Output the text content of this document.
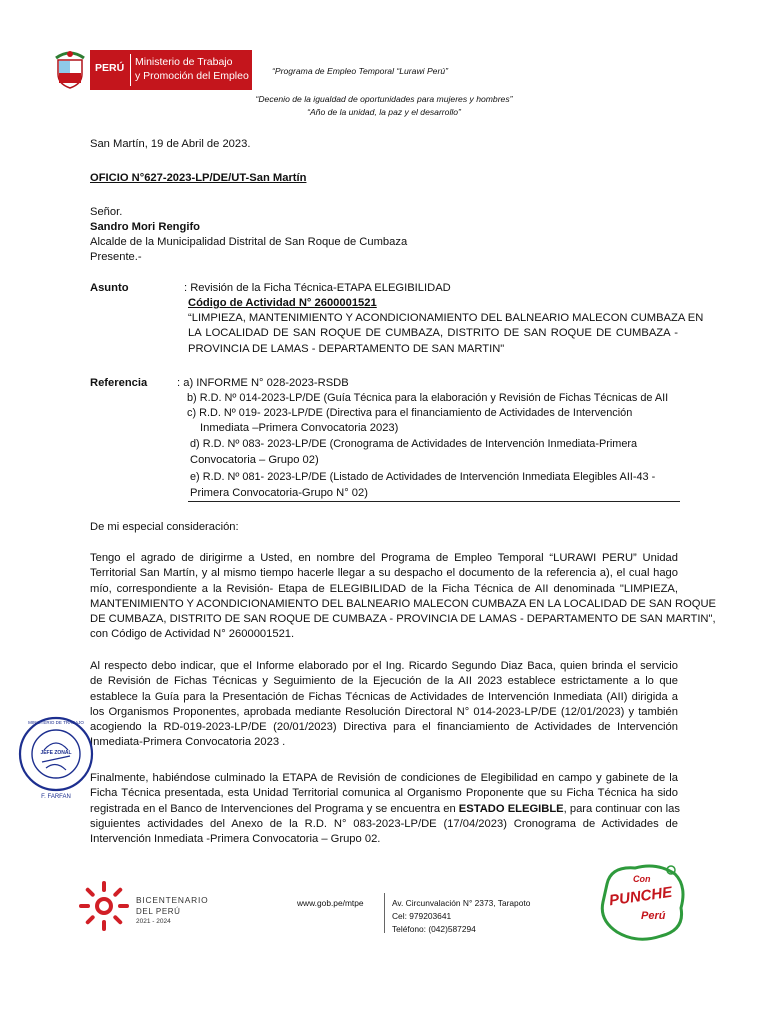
PERÚ Ministerio de Trabajo
y Promoción del Empleo	“Programa de Empleo Temporal “Lurawi Perú”
“Decenio de la igualdad de oportunidades para mujeres y hombres”
“Año de la unidad, la paz y el desarrollo”
San Martín, 19 de Abril de 2023.
OFICIO N°627-2023-LP/DE/UT-San Martín
Señor.
Sandro Mori Rengifo
Alcalde de la Municipalidad Distrital de San Roque de Cumbaza
Presente.-
Asunto	: Revisión de la Ficha Técnica-ETAPA ELEGIBILIDAD
Código de Actividad N° 2600001521
“LIMPIEZA, MANTENIMIENTO Y ACONDICIONAMIENTO DEL BALNEARIO MALECON CUMBAZA EN
LA LOCALIDAD DE SAN ROQUE DE CUMBAZA, DISTRITO DE SAN ROQUE DE CUMBAZA -
PROVINCIA DE LAMAS - DEPARTAMENTO DE SAN MARTIN"
Referencia	: a) INFORME N° 028-2023-RSDB
b) R.D. Nº 014-2023-LP/DE (Guía Técnica para la elaboración y Revisión de Fichas Técnicas de AII
c) R.D. Nº 019- 2023-LP/DE (Directiva para el financiamiento de Actividades de Intervención
Inmediata –Primera Convocatoria 2023)
d) R.D. Nº 083- 2023-LP/DE (Cronograma de Actividades de Intervención Inmediata-Primera
Convocatoria – Grupo 02)
e) R.D. Nº 081- 2023-LP/DE (Listado de Actividades de Intervención Inmediata Elegibles AII-43 -
Primera Convocatoria-Grupo N° 02)
De mi especial consideración:
Tengo el agrado de dirigirme a Usted, en nombre del Programa de Empleo Temporal “LURAWI PERU” Unidad
Territorial San Martín, y al mismo tiempo hacerle llegar a su despacho el documento de la referencia a), el cual hago
mío, correspondiente a la Revisión- Etapa de ELEGIBILIDAD de la Ficha Técnica de AII denominada "LIMPIEZA,
MANTENIMIENTO Y ACONDICIONAMIENTO DEL BALNEARIO MALECON CUMBAZA EN LA LOCALIDAD DE SAN ROQUE
DE CUMBAZA, DISTRITO DE SAN ROQUE DE CUMBAZA - PROVINCIA DE LAMAS - DEPARTAMENTO DE SAN MARTIN",
con Código de Actividad N° 2600001521.
Al respecto debo indicar, que el Informe elaborado por el Ing. Ricardo Segundo Diaz Baca, quien brinda el servicio
de Revisión de Fichas Técnicas y Seguimiento de la Ejecución de la AII 2023 establece estrictamente a lo que
establece la Guía para la Presentación de Fichas Técnicas de Actividades de Intervención Inmediata (AII) dirigida a
los Organismos Proponentes, aprobada mediante Resolución Directoral N° 014-2023-LP/DE (12/01/2023) y también
acogiendo la RD-019-2023-LP/DE (20/01/2023) Directiva para el financiamiento de Actividades de Intervención
Inmediata-Primera Convocatoria 2023 .
Finalmente, habiéndose culminado la ETAPA de Revisión de condiciones de Elegibilidad en campo y gabinete de la
Ficha Técnica presentada, esta Unidad Territorial comunica al Organismo Proponente que su Ficha Técnica ha sido
registrada en el Banco de Intervenciones del Programa y se encuentra en ESTADO ELEGIBLE, para continuar con las
siguientes actividades del Anexo de la R.D. N° 083-2023-LP/DE (17/04/2023) Cronograma de Actividades de
Intervención Inmediata -Primera Convocatoria – Grupo 02.
MINISTERIO DE TRABAJO
JEFE ZONAL
F. FARFAN
BICENTENARIO
DEL PERÚ
2021 - 2024
www.gob.pe/mtpe	Av. Circunvalación N° 2373, Tarapoto
Cel: 979203641
Teléfono: (042)587294
Con
PUNCHE
Perú
